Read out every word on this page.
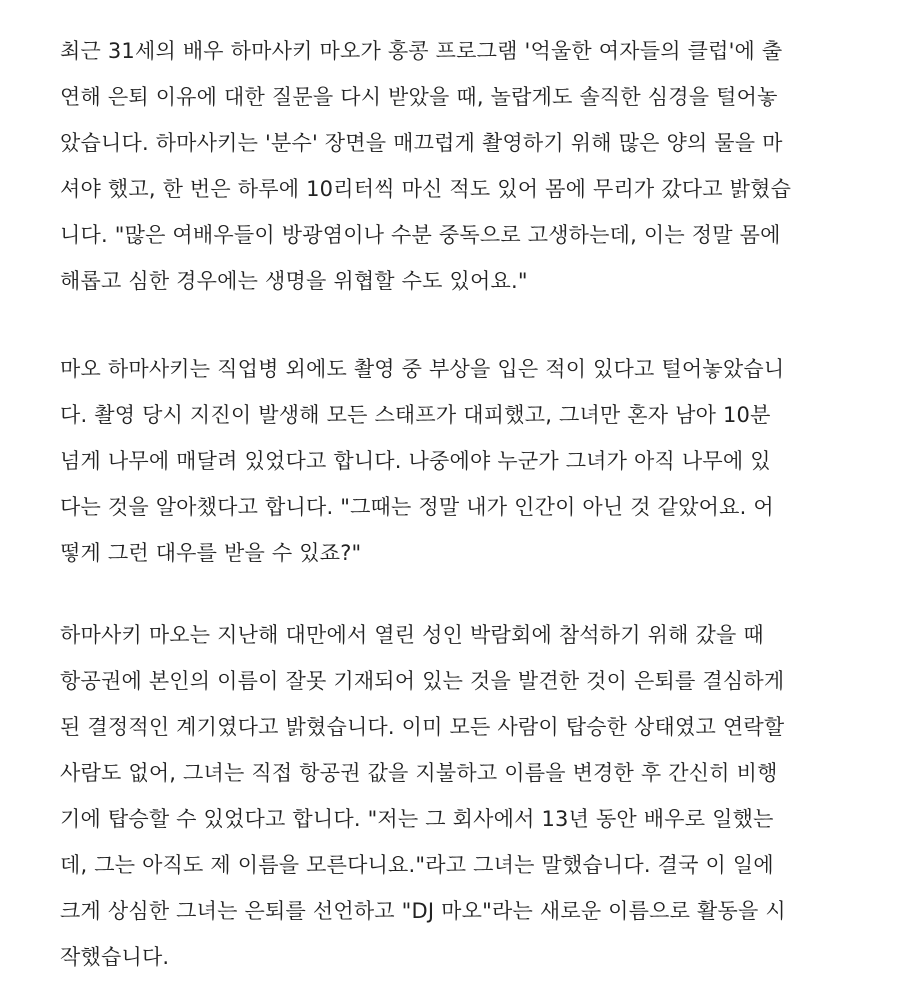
최근 31세의 배우 하마사키 마오가 홍콩 프로그램 '억울한 여자들의 클럽'에 출
연해 은퇴 이유에 대한 질문을 다시 받았을 때, 놀랍게도 솔직한 심경을 털어놓
았습니다. 하마사키는 '분수' 장면을 매끄럽게 촬영하기 위해 많은 양의 물을 마
셔야 했고, 한 번은 하루에 10리터씩 마신 적도 있어 몸에 무리가 갔다고 밝혔습
니다. "많은 여배우들이 방광염이나 수분 중독으로 고생하는데, 이는 정말 몸에
해롭고 심한 경우에는 생명을 위협할 수도 있어요."

마오 하마사키는 직업병 외에도 촬영 중 부상을 입은 적이 있다고 털어놓았습니
다. 촬영 당시 지진이 발생해 모든 스태프가 대피했고, 그녀만 혼자 남아 10분
넘게 나무에 매달려 있었다고 합니다. 나중에야 누군가 그녀가 아직 나무에 있
다는 것을 알아챘다고 합니다. "그때는 정말 내가 인간이 아닌 것 같았어요. 어
떻게 그런 대우를 받을 수 있죠?"

하마사키 마오는 지난해 대만에서 열린 성인 박람회에 참석하기 위해 갔을 때
항공권에 본인의 이름이 잘못 기재되어 있는 것을 발견한 것이 은퇴를 결심하게
된 결정적인 계기였다고 밝혔습니다. 이미 모든 사람이 탑승한 상태였고 연락할
사람도 없어, 그녀는 직접 항공권 값을 지불하고 이름을 변경한 후 간신히 비행
기에 탑승할 수 있었다고 합니다. "저는 그 회사에서 13년 동안 배우로 일했는
데, 그는 아직도 제 이름을 모른다니요."라고 그녀는 말했습니다. 결국 이 일에
크게 상심한 그녀는 은퇴를 선언하고 "DJ 마오"라는 새로운 이름으로 활동을 시
작했습니다.
